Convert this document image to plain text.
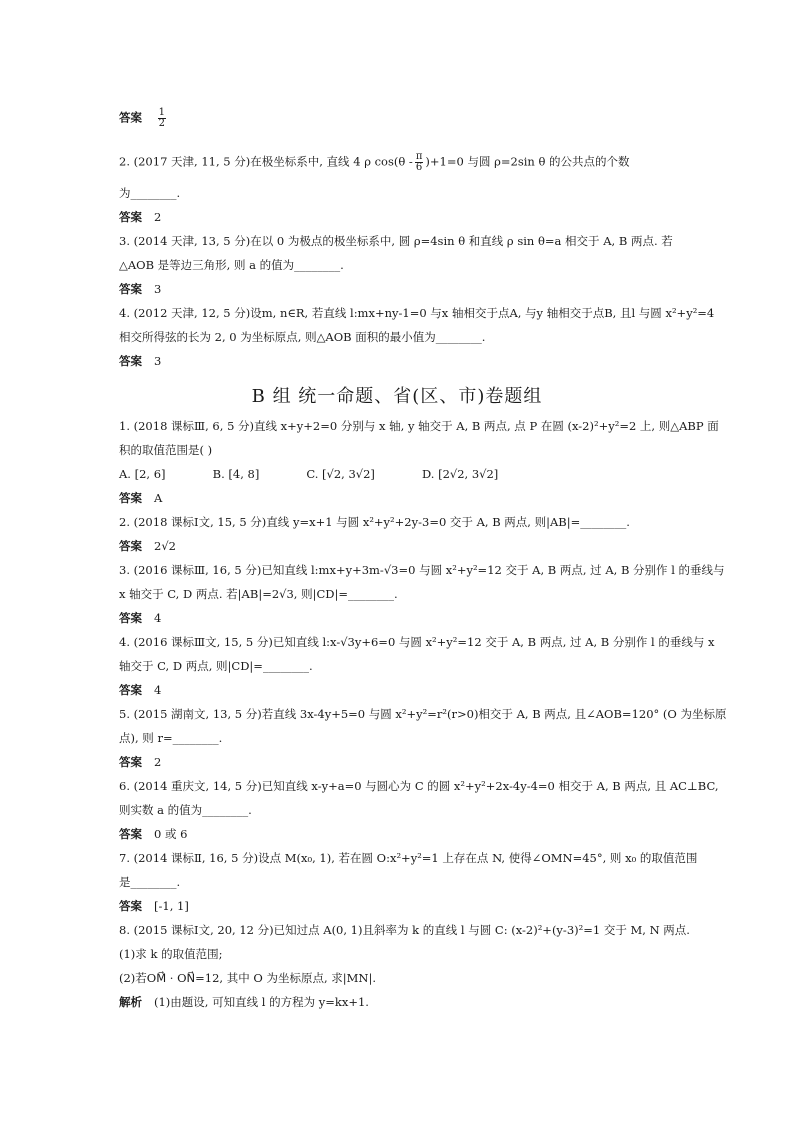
答案 $\frac{1}{2}$
2. (2017 天津, 11, 5 分)在极坐标系中, 直线 4 ρ $\cos(\theta - \frac{\pi}{6} )+1=0$ 与圆 ρ=2sin θ 的公共点的个数
为________.
答案 2
3. (2014 天津, 13, 5 分)在以 0 为极点的极坐标系中, 圆 ρ=4sin θ 和直线 ρ sin θ=a 相交于 A, B 两点. 若
△AOB 是等边三角形, 则 a 的值为________.
答案 3
4. (2012 天津, 12, 5 分)设m, n∈R, 若直线 l:mx+ny-1=0 与x 轴相交于点A, 与y 轴相交于点B, 且l 与圆 x²+y²=4
相交所得弦的长为 2, 0 为坐标原点, 则△AOB 面积的最小值为________.
答案 3
B 组 统一命题、省(区、市)卷题组
1. (2018 课标Ⅲ, 6, 5 分)直线 x+y+2=0 分别与 x 轴, y 轴交于 A, B 两点, 点 P 在圆 (x-2)²+y²=2 上, 则△ABP 面
积的取值范围是( )
A. [2, 6]	B. [4, 8]	C. [√2, 3√2]	D. [2√2, 3√2]
答案 A
2. (2018 课标Ⅰ文, 15, 5 分)直线 y=x+1 与圆 x²+y²+2y-3=0 交于 A, B 两点, 则|AB|=________.
答案 2√2
3. (2016 课标Ⅲ, 16, 5 分)已知直线 l:mx+y+3m-√3=0 与圆 x²+y²=12 交于 A, B 两点, 过 A, B 分别作 l 的垂线与
x 轴交于 C, D 两点. 若|AB|=2√3, 则|CD|=________.
答案 4
4. (2016 课标Ⅲ文, 15, 5 分)已知直线 l:x-√3y+6=0 与圆 x²+y²=12 交于 A, B 两点, 过 A, B 分别作 l 的垂线与 x
轴交于 C, D 两点, 则|CD|=________.
答案 4
5. (2015 湖南文, 13, 5 分)若直线 3x-4y+5=0 与圆 x²+y²=r²(r>0)相交于 A, B 两点, 且∠AOB=120° (O 为坐标原
点), 则 r=________.
答案 2
6. (2014 重庆文, 14, 5 分)已知直线 x-y+a=0 与圆心为 C 的圆 x²+y²+2x-4y-4=0 相交于 A, B 两点, 且 AC⊥BC,
则实数 a 的值为________.
答案 0 或 6
7. (2014 课标Ⅱ, 16, 5 分)设点 M(x₀, 1), 若在圆 O:x²+y²=1 上存在点 N, 使得∠OMN=45°, 则 x₀ 的取值范围
是________.
答案 [-1, 1]
8. (2015 课标Ⅰ文, 20, 12 分)已知过点 A(0, 1)且斜率为 k 的直线 l 与圆 C: (x-2)²+(y-3)²=1 交于 M, N 两点.
(1)求 k 的取值范围;
(2)若OM⃗ · ON⃗=12, 其中 O 为坐标原点, 求|MN|.
解析 (1)由题设, 可知直线 l 的方程为 y=kx+1.
